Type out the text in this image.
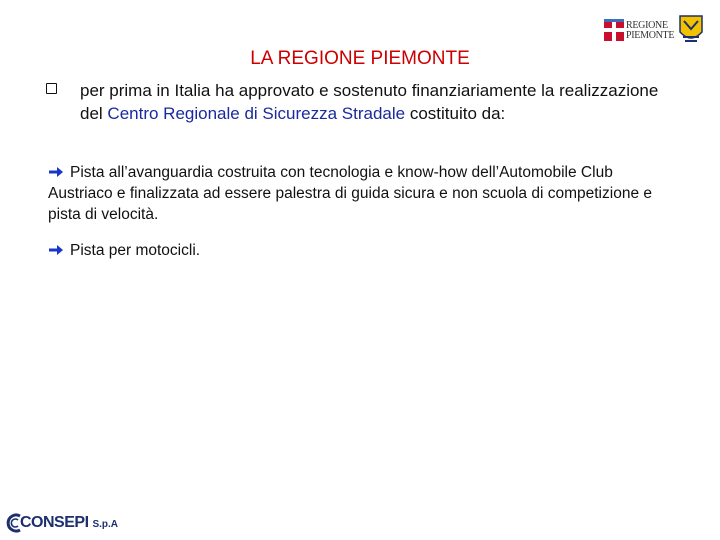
LA REGIONE PIEMONTE
REGIONE
PIEMONTE
per prima in Italia ha approvato e sostenuto finanziariamente la realizzazione del Centro Regionale di Sicurezza Stradale costituito da:
Pista all’avanguardia costruita con tecnologia e know-how dell’Automobile Club Austriaco e finalizzata ad essere palestra di guida sicura e non scuola di competizione e pista di velocità.
Pista per motocicli.
CONSEPI S.p.A
